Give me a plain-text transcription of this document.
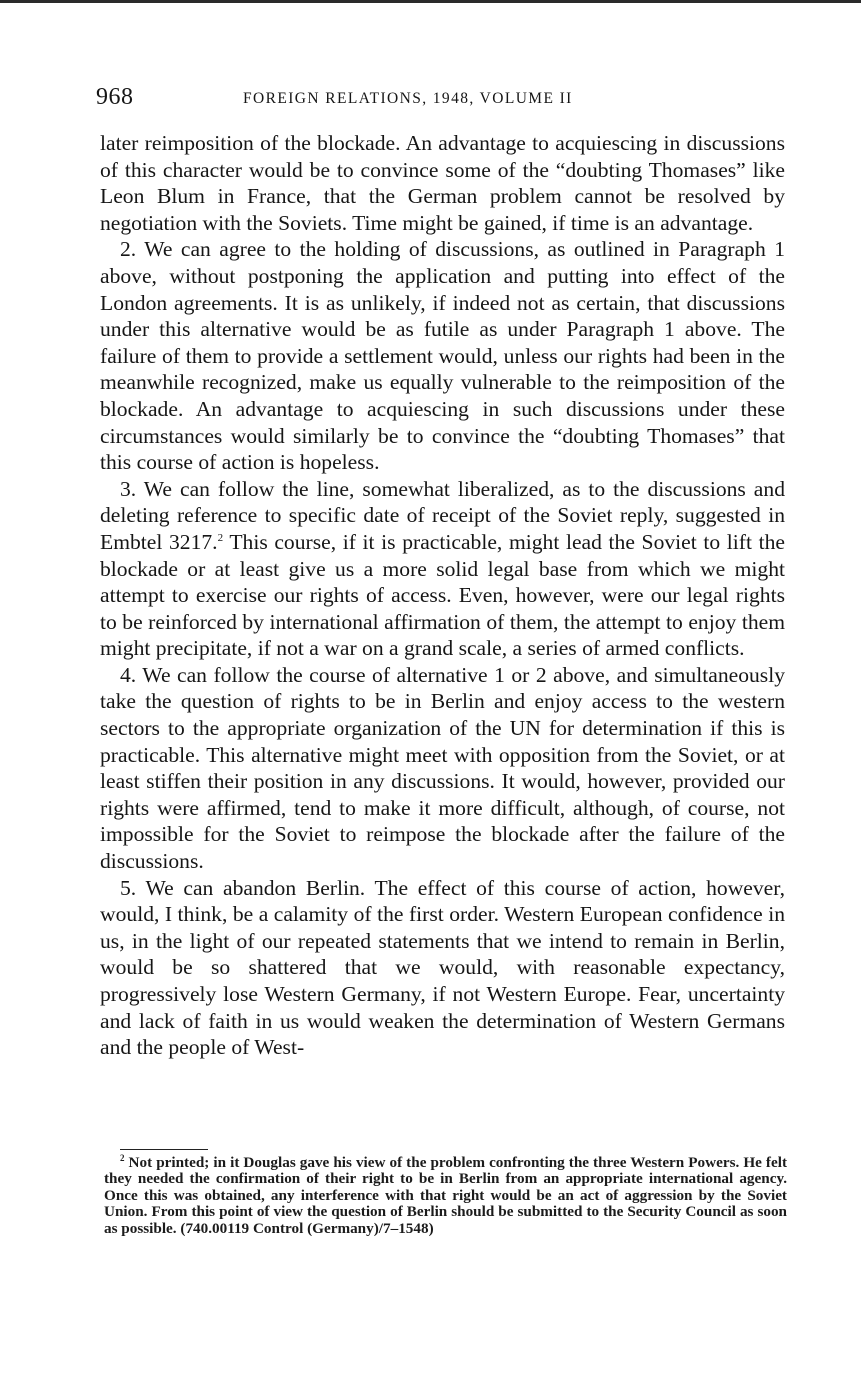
968	FOREIGN RELATIONS, 1948, VOLUME II

later reimposition of the blockade. An advantage to acquiescing in discussions of this character would be to convince some of the “doubting Thomases” like Leon Blum in France, that the German problem cannot be resolved by negotiation with the Soviets. Time might be gained, if time is an advantage.

2. We can agree to the holding of discussions, as outlined in Paragraph 1 above, without postponing the application and putting into effect of the London agreements. It is as unlikely, if indeed not as certain, that discussions under this alternative would be as futile as under Paragraph 1 above. The failure of them to provide a settlement would, unless our rights had been in the meanwhile recognized, make us equally vulnerable to the reimposition of the blockade. An advantage to acquiescing in such discussions under these circumstances would similarly be to convince the “doubting Thomases” that this course of action is hopeless.

3. We can follow the line, somewhat liberalized, as to the discussions and deleting reference to specific date of receipt of the Soviet reply, suggested in Embtel 3217.$^2$ This course, if it is practicable, might lead the Soviet to lift the blockade or at least give us a more solid legal base from which we might attempt to exercise our rights of access. Even, however, were our legal rights to be reinforced by international affirmation of them, the attempt to enjoy them might precipitate, if not a war on a grand scale, a series of armed conflicts.

4. We can follow the course of alternative 1 or 2 above, and simultaneously take the question of rights to be in Berlin and enjoy access to the western sectors to the appropriate organization of the UN for determination if this is practicable. This alternative might meet with opposition from the Soviet, or at least stiffen their position in any discussions. It would, however, provided our rights were affirmed, tend to make it more difficult, although, of course, not impossible for the Soviet to reimpose the blockade after the failure of the discussions.

5. We can abandon Berlin. The effect of this course of action, however, would, I think, be a calamity of the first order. Western European confidence in us, in the light of our repeated statements that we intend to remain in Berlin, would be so shattered that we would, with reasonable expectancy, progressively lose Western Germany, if not Western Europe. Fear, uncertainty and lack of faith in us would weaken the determination of Western Germans and the people of West-

$^2$ Not printed; in it Douglas gave his view of the problem confronting the three Western Powers. He felt they needed the confirmation of their right to be in Berlin from an appropriate international agency. Once this was obtained, any interference with that right would be an act of aggression by the Soviet Union. From this point of view the question of Berlin should be submitted to the Security Council as soon as possible. (740.00119 Control (Germany)/7–1548)
